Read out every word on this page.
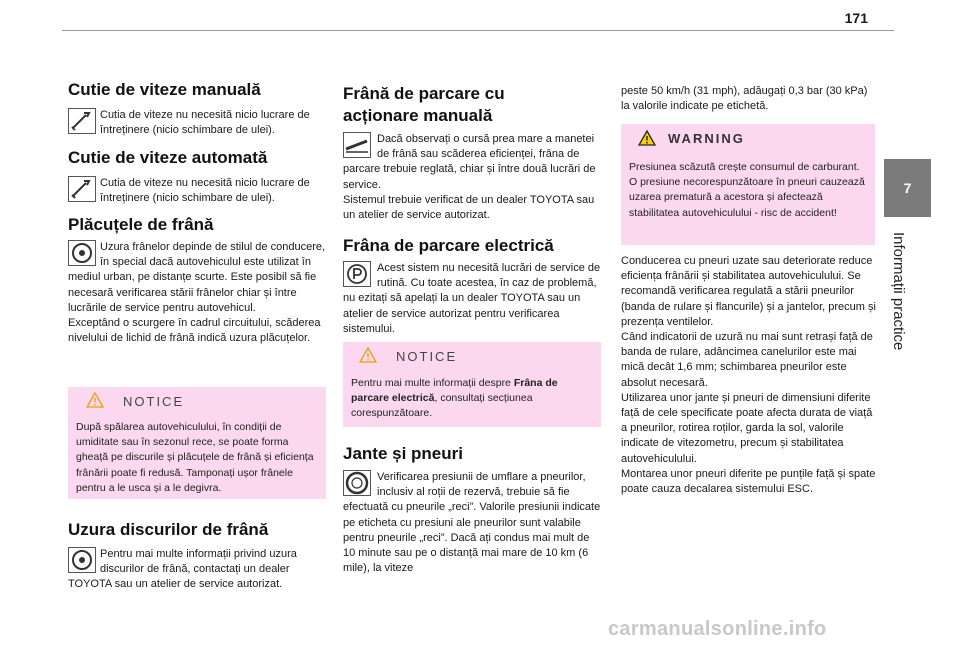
171
7
Informații practice
Cutie de viteze manuală

Cutia de viteze nu necesită nicio lucrare de întreținere (nicio schimbare de ulei).

Cutie de viteze automată

Cutia de viteze nu necesită nicio lucrare de întreținere (nicio schimbare de ulei).

Plăcuțele de frână

Uzura frânelor depinde de stilul de conducere, în special dacă autovehiculul este utilizat în mediul urban, pe distanțe scurte. Este posibil să fie necesară verificarea stării frânelor chiar și între lucrările de service pentru autovehicul.

Exceptând o scurgere în cadrul circuitului, scăderea nivelului de lichid de frână indică uzura plăcuțelor.

NOTICE

După spălarea autovehiculului, în condiții de umiditate sau în sezonul rece, se poate forma gheață pe discurile și plăcuțele de frână și eficiența frânării poate fi redusă. Tamponați ușor frânele pentru a le usca și a le degivra.

Uzura discurilor de frână

Pentru mai multe informații privind uzura discurilor de frână, contactați un dealer TOYOTA sau un atelier de service autorizat.

Frână de parcare cu
acționare manuală

Dacă observați o cursă prea mare a manetei de frână sau scăderea eficienței, frâna de parcare trebuie reglată, chiar și între două lucrări de service.

Sistemul trebuie verificat de un dealer TOYOTA sau un atelier de service autorizat.

Frâna de parcare electrică

Acest sistem nu necesită lucrări de service de rutină. Cu toate acestea, în caz de problemă, nu ezitați să apelați la un dealer TOYOTA sau un atelier de service autorizat pentru verificarea sistemului.

NOTICE

Pentru mai multe informații despre Frâna de parcare electrică, consultați secțiunea corespunzătoare.

Jante și pneuri

Verificarea presiunii de umflare a pneurilor, inclusiv al roții de rezervă, trebuie să fie efectuată cu pneurile „reci”. Valorile presiunii indicate pe eticheta cu presiuni ale pneurilor sunt valabile pentru pneurile „reci”. Dacă ați condus mai mult de 10 minute sau pe o distanță mai mare de 10 km (6 mile), la viteze

peste 50 km/h (31 mph), adăugați 0,3 bar (30 kPa) la valorile indicate pe etichetă.

WARNING

Presiunea scăzută crește consumul de carburant. O presiune necorespunzătoare în pneuri cauzează uzarea prematură a acestora și afectează stabilitatea autovehiculului - risc de accident!

Conducerea cu pneuri uzate sau deteriorate reduce eficiența frânării și stabilitatea autovehiculului. Se recomandă verificarea regulată a stării pneurilor (banda de rulare și flancurile) și a jantelor, precum și prezența ventilelor.

Când indicatorii de uzură nu mai sunt retrași față de banda de rulare, adâncimea canelurilor este mai mică decât 1,6 mm; schimbarea pneurilor este absolut necesară.

Utilizarea unor jante și pneuri de dimensiuni diferite față de cele specificate poate afecta durata de viață a pneurilor, rotirea roților, garda la sol, valorile indicate de vitezometru, precum și stabilitatea autovehiculului.

Montarea unor pneuri diferite pe punțile față și spate poate cauza decalarea sistemului ESC.

carmanualsonline.info
